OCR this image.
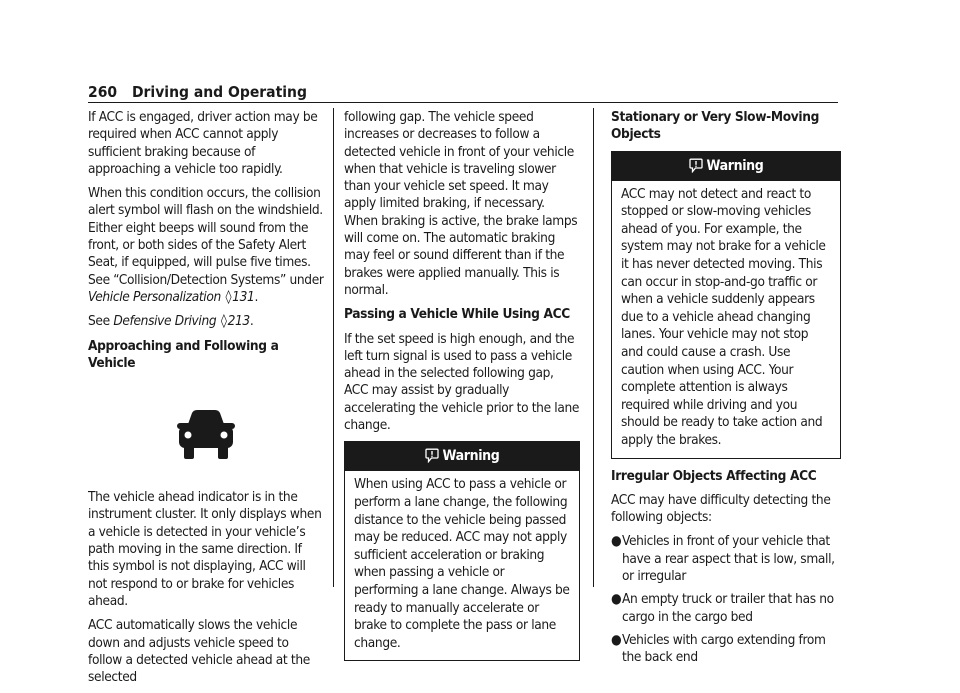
260 Driving and Operating

If ACC is engaged, driver action may be required when ACC cannot apply sufficient braking because of approaching a vehicle too rapidly.

When this condition occurs, the collision alert symbol will flash on the windshield. Either eight beeps will sound from the front, or both sides of the Safety Alert Seat, if equipped, will pulse five times. See “Collision/Detection Systems” under Vehicle Personalization ◊131.

See Defensive Driving ◊213.

Approaching and Following a Vehicle

The vehicle ahead indicator is in the instrument cluster. It only displays when a vehicle is detected in your vehicle’s path moving in the same direction. If this symbol is not displaying, ACC will not respond to or brake for vehicles ahead.

ACC automatically slows the vehicle down and adjusts vehicle speed to follow a detected vehicle ahead at the selected

following gap. The vehicle speed increases or decreases to follow a detected vehicle in front of your vehicle when that vehicle is traveling slower than your vehicle set speed. It may apply limited braking, if necessary. When braking is active, the brake lamps will come on. The automatic braking may feel or sound different than if the brakes were applied manually. This is normal.

Passing a Vehicle While Using ACC

If the set speed is high enough, and the left turn signal is used to pass a vehicle ahead in the selected following gap, ACC may assist by gradually accelerating the vehicle prior to the lane change.

Warning
When using ACC to pass a vehicle or perform a lane change, the following distance to the vehicle being passed may be reduced. ACC may not apply sufficient acceleration or braking when passing a vehicle or performing a lane change. Always be ready to manually accelerate or brake to complete the pass or lane change.
Stationary or Very Slow-Moving Objects
Warning
ACC may not detect and react to stopped or slow-moving vehicles ahead of you. For example, the system may not brake for a vehicle it has never detected moving. This can occur in stop-and-go traffic or when a vehicle suddenly appears due to a vehicle ahead changing lanes. Your vehicle may not stop and could cause a crash. Use caution when using ACC. Your complete attention is always required while driving and you should be ready to take action and apply the brakes.
Irregular Objects Affecting ACC

ACC may have difficulty detecting the following objects:

● Vehicles in front of your vehicle that have a rear aspect that is low, small, or irregular
● An empty truck or trailer that has no cargo in the cargo bed
● Vehicles with cargo extending from the back end
